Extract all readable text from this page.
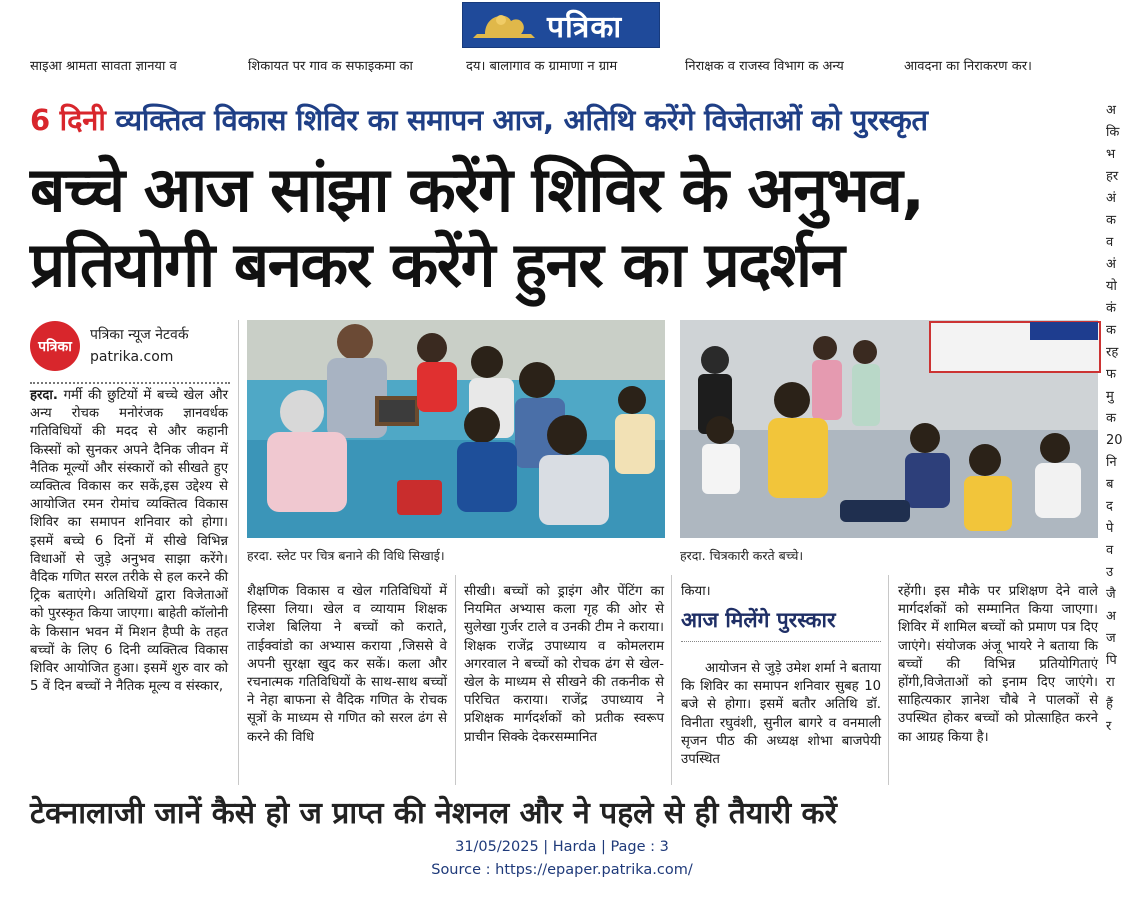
पत्रिका
साइआ श्रामता सावता ज्ञानया व	शिकायत पर गाव क सफाइकमा का	दय। बालागाव क ग्रामाणा न ग्राम	निराक्षक व राजस्व विभाग क अन्य	आवदना का निराकरण कर।
6 दिनी व्यक्तित्व विकास शिविर का समापन आज, अतिथि करेंगे विजेताओं को पुरस्कृत
बच्चे आज सांझा करेंगे शिविर के अनुभव,
प्रतियोगी बनकर करेंगे हुनर का प्रदर्शन
पत्रिका
पत्रिका न्यूज नेटवर्क
patrika.com
हरदा. गर्मी की छुटियों में बच्चे खेल और अन्य रोचक मनोरंजक ज्ञानवर्धक गतिविधियों की मदद से और कहानी किस्सों को सुनकर अपने दैनिक जीवन में नैतिक मूल्यों और संस्कारों को सीखते हुए व्यक्तित्व विकास कर सकें,इस उद्देश्य से आयोजित रमन रोमांच व्यक्तित्व विकास शिविर का समापन शनिवार को होगा। इसमें बच्चे 6 दिनों में सीखे विभिन्न विधाओं से जुड़े अनुभव साझा करेंगे। वैदिक गणित सरल तरीके से हल करने की ट्रिक बताएंगे। अतिथियों द्वारा विजेताओं को पुरस्कृत किया जाएगा। बाहेती कॉलोनी के किसान भवन में मिशन हैप्पी के तहत बच्चों के लिए 6 दिनी व्यक्तित्व विकास शिविर आयोजित हुआ। इसमें शुरु वार को 5 वें दिन बच्चों ने नैतिक मूल्य व संस्कार,
हरदा. स्लेट पर चित्र बनाने की विधि सिखाई।	हरदा. चित्रकारी करते बच्चे।
शैक्षणिक विकास व खेल गतिविधियों में हिस्सा लिया। खेल व व्यायाम शिक्षक राजेश बिलिया ने बच्चों को कराते, ताईक्वांडो का अभ्यास कराया ,जिससे वे अपनी सुरक्षा खुद कर सकें। कला और रचनात्मक गतिविधियों के साथ-साथ बच्चों ने नेहा बाफना से वैदिक गणित के रोचक सूत्रों के माध्यम से गणित को सरल ढंग से करने की विधि
सीखी। बच्चों को ड्राइंग और पेंटिंग का नियमित अभ्यास कला गृह की ओर से सुलेखा गुर्जर टाले व उनकी टीम ने कराया। शिक्षक राजेंद्र उपाध्याय व कोमलराम अगरवाल ने बच्चों को रोचक ढंग से खेल-खेल के माध्यम से सीखने की तकनीक से परिचित कराया। राजेंद्र उपाध्याय ने प्रशिक्षक मार्गदर्शकों को प्रतीक स्वरूप प्राचीन सिक्के देकरसम्मानित
किया।
आज मिलेंगे पुरस्कार
आयोजन से जुड़े उमेश शर्मा ने बताया कि शिविर का समापन शनिवार सुबह 10 बजे से होगा। इसमें बतौर अतिथि डॉ. विनीता रघुवंशी, सुनील बागरे व वनमाली सृजन पीठ की अध्यक्ष शोभा बाजपेयी उपस्थित
रहेंगी। इस मौके पर प्रशिक्षण देने वाले मार्गदर्शकों को सम्मानित किया जाएगा। शिविर में शामिल बच्चों को प्रमाण पत्र दिए जाएंगे। संयोजक अंजू भायरे ने बताया कि बच्चों की विभिन्न प्रतियोगिताएं होंगी,विजेताओं को इनाम दिए जाएंगे। साहित्यकार ज्ञानेश चौबे ने पालकों से उपस्थित होकर बच्चों को प्रोत्साहित करने का आग्रह किया है।
अ
कि
भ
हर
अं
क
व
अं
यो
कं
क
रह
फ
मु
क
20
नि
ब
द
पे
व
उ
जै
अ
ज
पि
रा
हैं
र
टेक्नालाजी जानें कैसे हो ज प्राप्त की नेशनल और ने पहले से ही तैयारी करें
31/05/2025 | Harda | Page : 3
Source : https://epaper.patrika.com/
